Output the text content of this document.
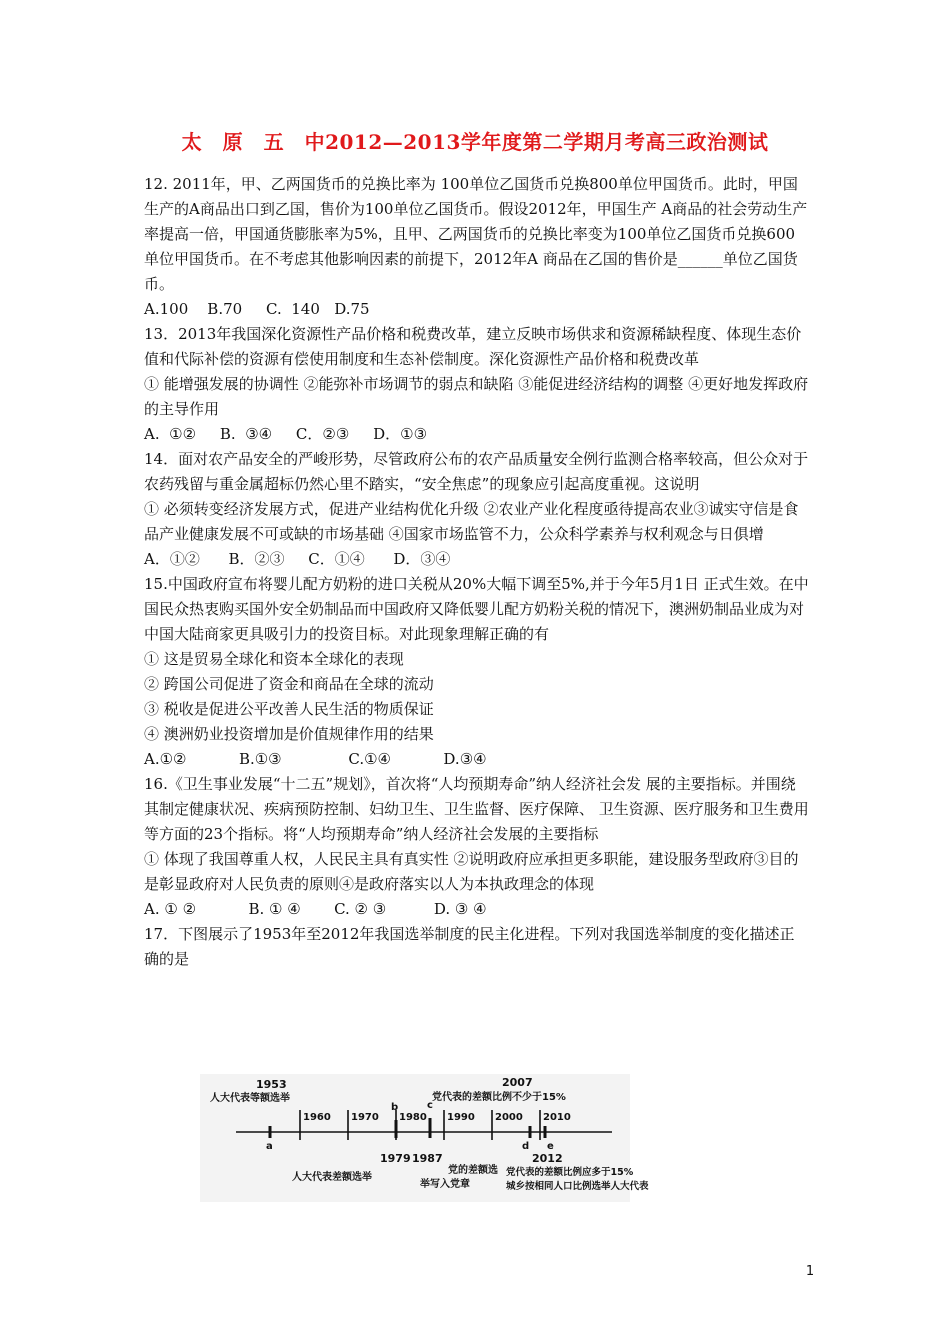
太　原　五　中2012—2013学年度第二学期月考高三政治测试

12. 2011年，甲、乙两国货币的兑换比率为 100单位乙国货币兑换800单位甲国货币。此时，甲国生产的A商品出口到乙国，售价为100单位乙国货币。假设2012年，甲国生产 A商品的社会劳动生产率提高一倍，甲国通货膨胀率为5%，且甲、乙两国货币的兑换比率变为100单位乙国货币兑换600单位甲国货币。在不考虑其他影响因素的前提下，2012年A 商品在乙国的售价是______单位乙国货币。

A.100    B.70     C.  140   D.75

13．2013年我国深化资源性产品价格和税费改革，建立反映市场供求和资源稀缺程度、体现生态价值和代际补偿的资源有偿使用制度和生态补偿制度。深化资源性产品价格和税费改革

① 能增强发展的协调性 ②能弥补市场调节的弱点和缺陷 ③能促进经济结构的调整 ④更好地发挥政府的主导作用

A.  ①②     B.  ③④     C．②③     D．①③

14．面对农产品安全的严峻形势，尽管政府公布的农产品质量安全例行监测合格率较高，但公众对于农药残留与重金属超标仍然心里不踏实，“安全焦虑”的现象应引起高度重视。这说明

① 必须转变经济发展方式，促进产业结构优化升级 ②农业产业化程度亟待提高农业③诚实守信是食品产业健康发展不可或缺的市场基础 ④国家市场监管不力，公众科学素养与权利观念与日俱增

A．①②      B．②③     C．①④      D．③④

15.中国政府宣布将婴儿配方奶粉的进口关税从20%大幅下调至5%,并于今年5月1日 正式生效。在中国民众热衷购买国外安全奶制品而中国政府又降低婴儿配方奶粉关税的情况下，澳洲奶制品业成为对中国大陆商家更具吸引力的投资目标。对此现象理解正确的有

① 这是贸易全球化和资本全球化的表现

② 跨国公司促进了资金和商品在全球的流动

③ 税收是促进公平改善人民生活的物质保证

④ 澳洲奶业投资增加是价值规律作用的结果

A.①②           B.①③              C.①④           D.③④

16.《卫生事业发展“十二五”规划》，首次将“人均预期寿命”纳人经济社会发 展的主要指标。并围绕其制定健康状况、疾病预防控制、妇幼卫生、卫生监督、医疗保障、 卫生资源、医疗服务和卫生费用等方面的23个指标。将“人均预期寿命”纳人经济社会发展的主要指标

① 体现了我国尊重人权，人民民主具有真实性 ②说明政府应承担更多职能，建设服务型政府③目的是彰显政府对人民负责的原则④是政府落实以人为本执政理念的体现

A. ① ②           B. ① ④       C. ② ③          D. ③ ④

17．下图展示了1953年至2012年我国选举制度的民主化进程。下列对我国选举制度的变化描述正确的是

1953
人大代表等额选举
2007
党代表的差额比例不少于15%
1960 1970 1980 1990 2000 2010
a
b	c
d e
1979 1987	2012
人大代表差额选举
党的差额选
举写入党章
党代表的差额比例应多于15%
城乡按相同人口比例选举人大代表
1
